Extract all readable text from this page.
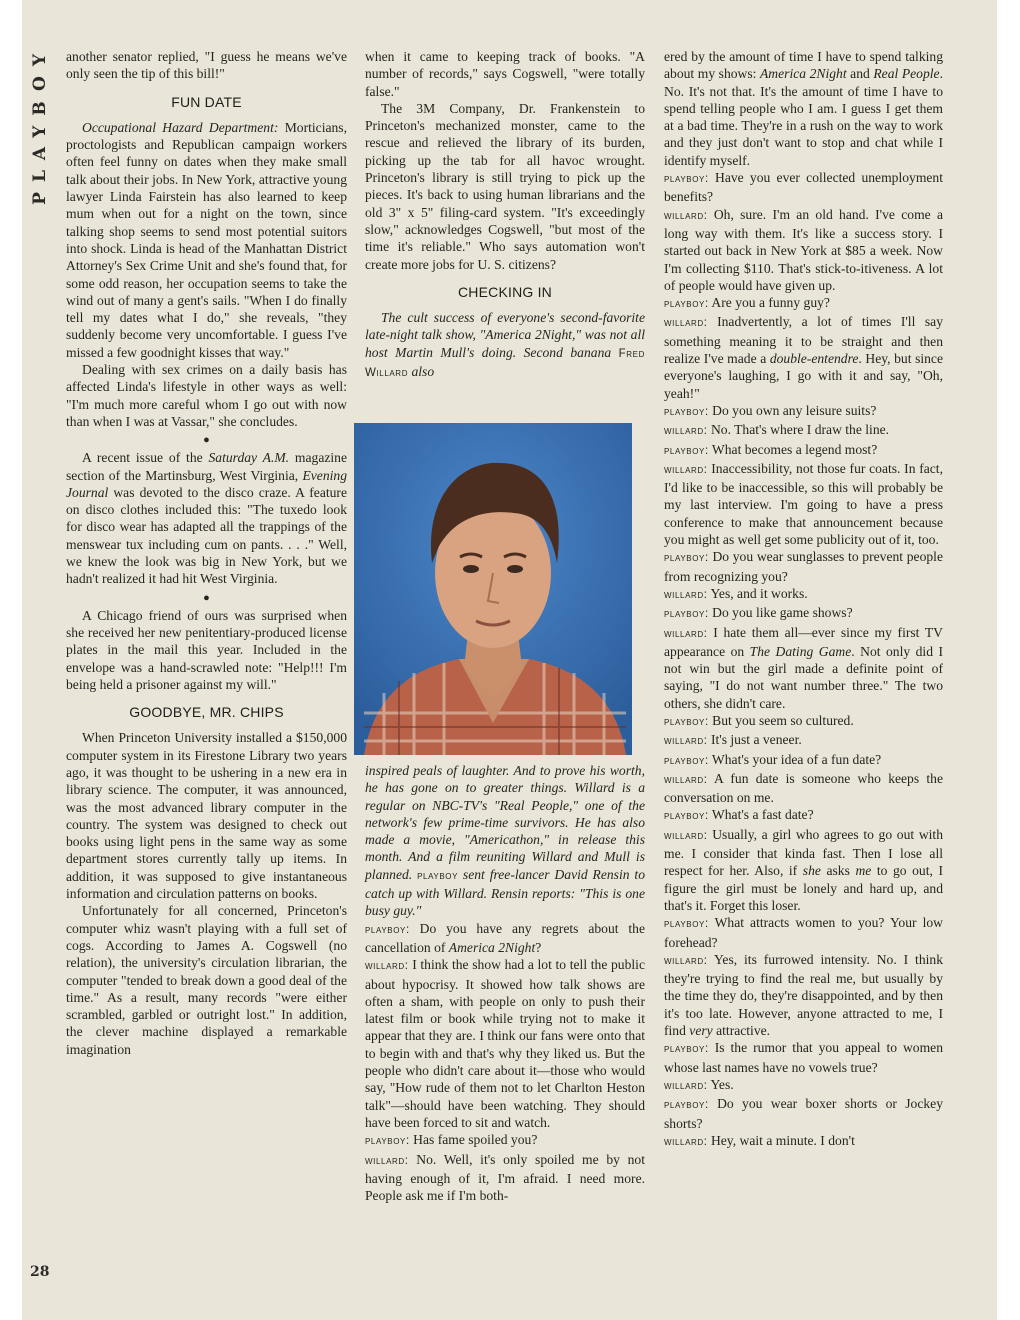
PLAYBOY
28

another senator replied, "I guess he means we've only seen the tip of this bill!"

FUN DATE

Occupational Hazard Department: Morticians, proctologists and Republican campaign workers often feel funny on dates when they make small talk about their jobs. In New York, attractive young lawyer Linda Fairstein has also learned to keep mum when out for a night on the town, since talking shop seems to send most potential suitors into shock. Linda is head of the Manhattan District Attorney's Sex Crime Unit and she's found that, for some odd reason, her occupation seems to take the wind out of many a gent's sails. "When I do finally tell my dates what I do," she reveals, "they suddenly become very uncomfortable. I guess I've missed a few goodnight kisses that way."

Dealing with sex crimes on a daily basis has affected Linda's lifestyle in other ways as well: "I'm much more careful whom I go out with now than when I was at Vassar," she concludes.

●

A recent issue of the Saturday A.M. magazine section of the Martinsburg, West Virginia, Evening Journal was devoted to the disco craze. A feature on disco clothes included this: "The tuxedo look for disco wear has adapted all the trappings of the menswear tux including cum on pants. . . ." Well, we knew the look was big in New York, but we hadn't realized it had hit West Virginia.

●

A Chicago friend of ours was surprised when she received her new penitentiary-produced license plates in the mail this year. Included in the envelope was a hand-scrawled note: "Help!!! I'm being held a prisoner against my will."

GOODBYE, MR. CHIPS

When Princeton University installed a $150,000 computer system in its Firestone Library two years ago, it was thought to be ushering in a new era in library science. The computer, it was announced, was the most advanced library computer in the country. The system was designed to check out books using light pens in the same way as some department stores currently tally up items. In addition, it was supposed to give instantaneous information and circulation patterns on books.

Unfortunately for all concerned, Princeton's computer whiz wasn't playing with a full set of cogs. According to James A. Cogswell (no relation), the university's circulation librarian, the computer "tended to break down a good deal of the time." As a result, many records "were either scrambled, garbled or outright lost." In addition, the clever machine displayed a remarkable imagination

when it came to keeping track of books. "A number of records," says Cogswell, "were totally false."

The 3M Company, Dr. Frankenstein to Princeton's mechanized monster, came to the rescue and relieved the library of its burden, picking up the tab for all havoc wrought. Princeton's library is still trying to pick up the pieces. It's back to using human librarians and the old 3" x 5" filing-card system. "It's exceedingly slow," acknowledges Cogswell, "but most of the time it's reliable." Who says automation won't create more jobs for U. S. citizens?

CHECKING IN

The cult success of everyone's second-favorite late-night talk show, "America 2Night," was not all host Martin Mull's doing. Second banana Fred Willard also

inspired peals of laughter. And to prove his worth, he has gone on to greater things. Willard is a regular on NBC-TV's "Real People," one of the network's few prime-time survivors. He has also made a movie, "Americathon," in release this month. And a film reuniting Willard and Mull is planned. playboy sent free-lancer David Rensin to catch up with Willard. Rensin reports: "This is one busy guy."

playboy: Do you have any regrets about the cancellation of America 2Night?

willard: I think the show had a lot to tell the public about hypocrisy. It showed how talk shows are often a sham, with people on only to push their latest film or book while trying not to make it appear that they are. I think our fans were onto that to begin with and that's why they liked us. But the people who didn't care about it—those who would say, "How rude of them not to let Charlton Heston talk"—should have been watching. They should have been forced to sit and watch.

playboy: Has fame spoiled you?

willard: No. Well, it's only spoiled me by not having enough of it, I'm afraid. I need more. People ask me if I'm both-

ered by the amount of time I have to spend talking about my shows: America 2Night and Real People. No. It's not that. It's the amount of time I have to spend telling people who I am. I guess I get them at a bad time. They're in a rush on the way to work and they just don't want to stop and chat while I identify myself.

playboy: Have you ever collected unemployment benefits?

willard: Oh, sure. I'm an old hand. I've come a long way with them. It's like a success story. I started out back in New York at $85 a week. Now I'm collecting $110. That's stick-to-itiveness. A lot of people would have given up.

playboy: Are you a funny guy?

willard: Inadvertently, a lot of times I'll say something meaning it to be straight and then realize I've made a double-entendre. Hey, but since everyone's laughing, I go with it and say, "Oh, yeah!"

playboy: Do you own any leisure suits?

willard: No. That's where I draw the line.

playboy: What becomes a legend most?

willard: Inaccessibility, not those fur coats. In fact, I'd like to be inaccessible, so this will probably be my last interview. I'm going to have a press conference to make that announcement because you might as well get some publicity out of it, too.

playboy: Do you wear sunglasses to prevent people from recognizing you?

willard: Yes, and it works.

playboy: Do you like game shows?

willard: I hate them all—ever since my first TV appearance on The Dating Game. Not only did I not win but the girl made a definite point of saying, "I do not want number three." The two others, she didn't care.

playboy: But you seem so cultured.

willard: It's just a veneer.

playboy: What's your idea of a fun date?

willard: A fun date is someone who keeps the conversation on me.

playboy: What's a fast date?

willard: Usually, a girl who agrees to go out with me. I consider that kinda fast. Then I lose all respect for her. Also, if she asks me to go out, I figure the girl must be lonely and hard up, and that's it. Forget this loser.

playboy: What attracts women to you? Your low forehead?

willard: Yes, its furrowed intensity. No. I think they're trying to find the real me, but usually by the time they do, they're disappointed, and by then it's too late. However, anyone attracted to me, I find very attractive.

playboy: Is the rumor that you appeal to women whose last names have no vowels true?

willard: Yes.

playboy: Do you wear boxer shorts or Jockey shorts?

willard: Hey, wait a minute. I don't
